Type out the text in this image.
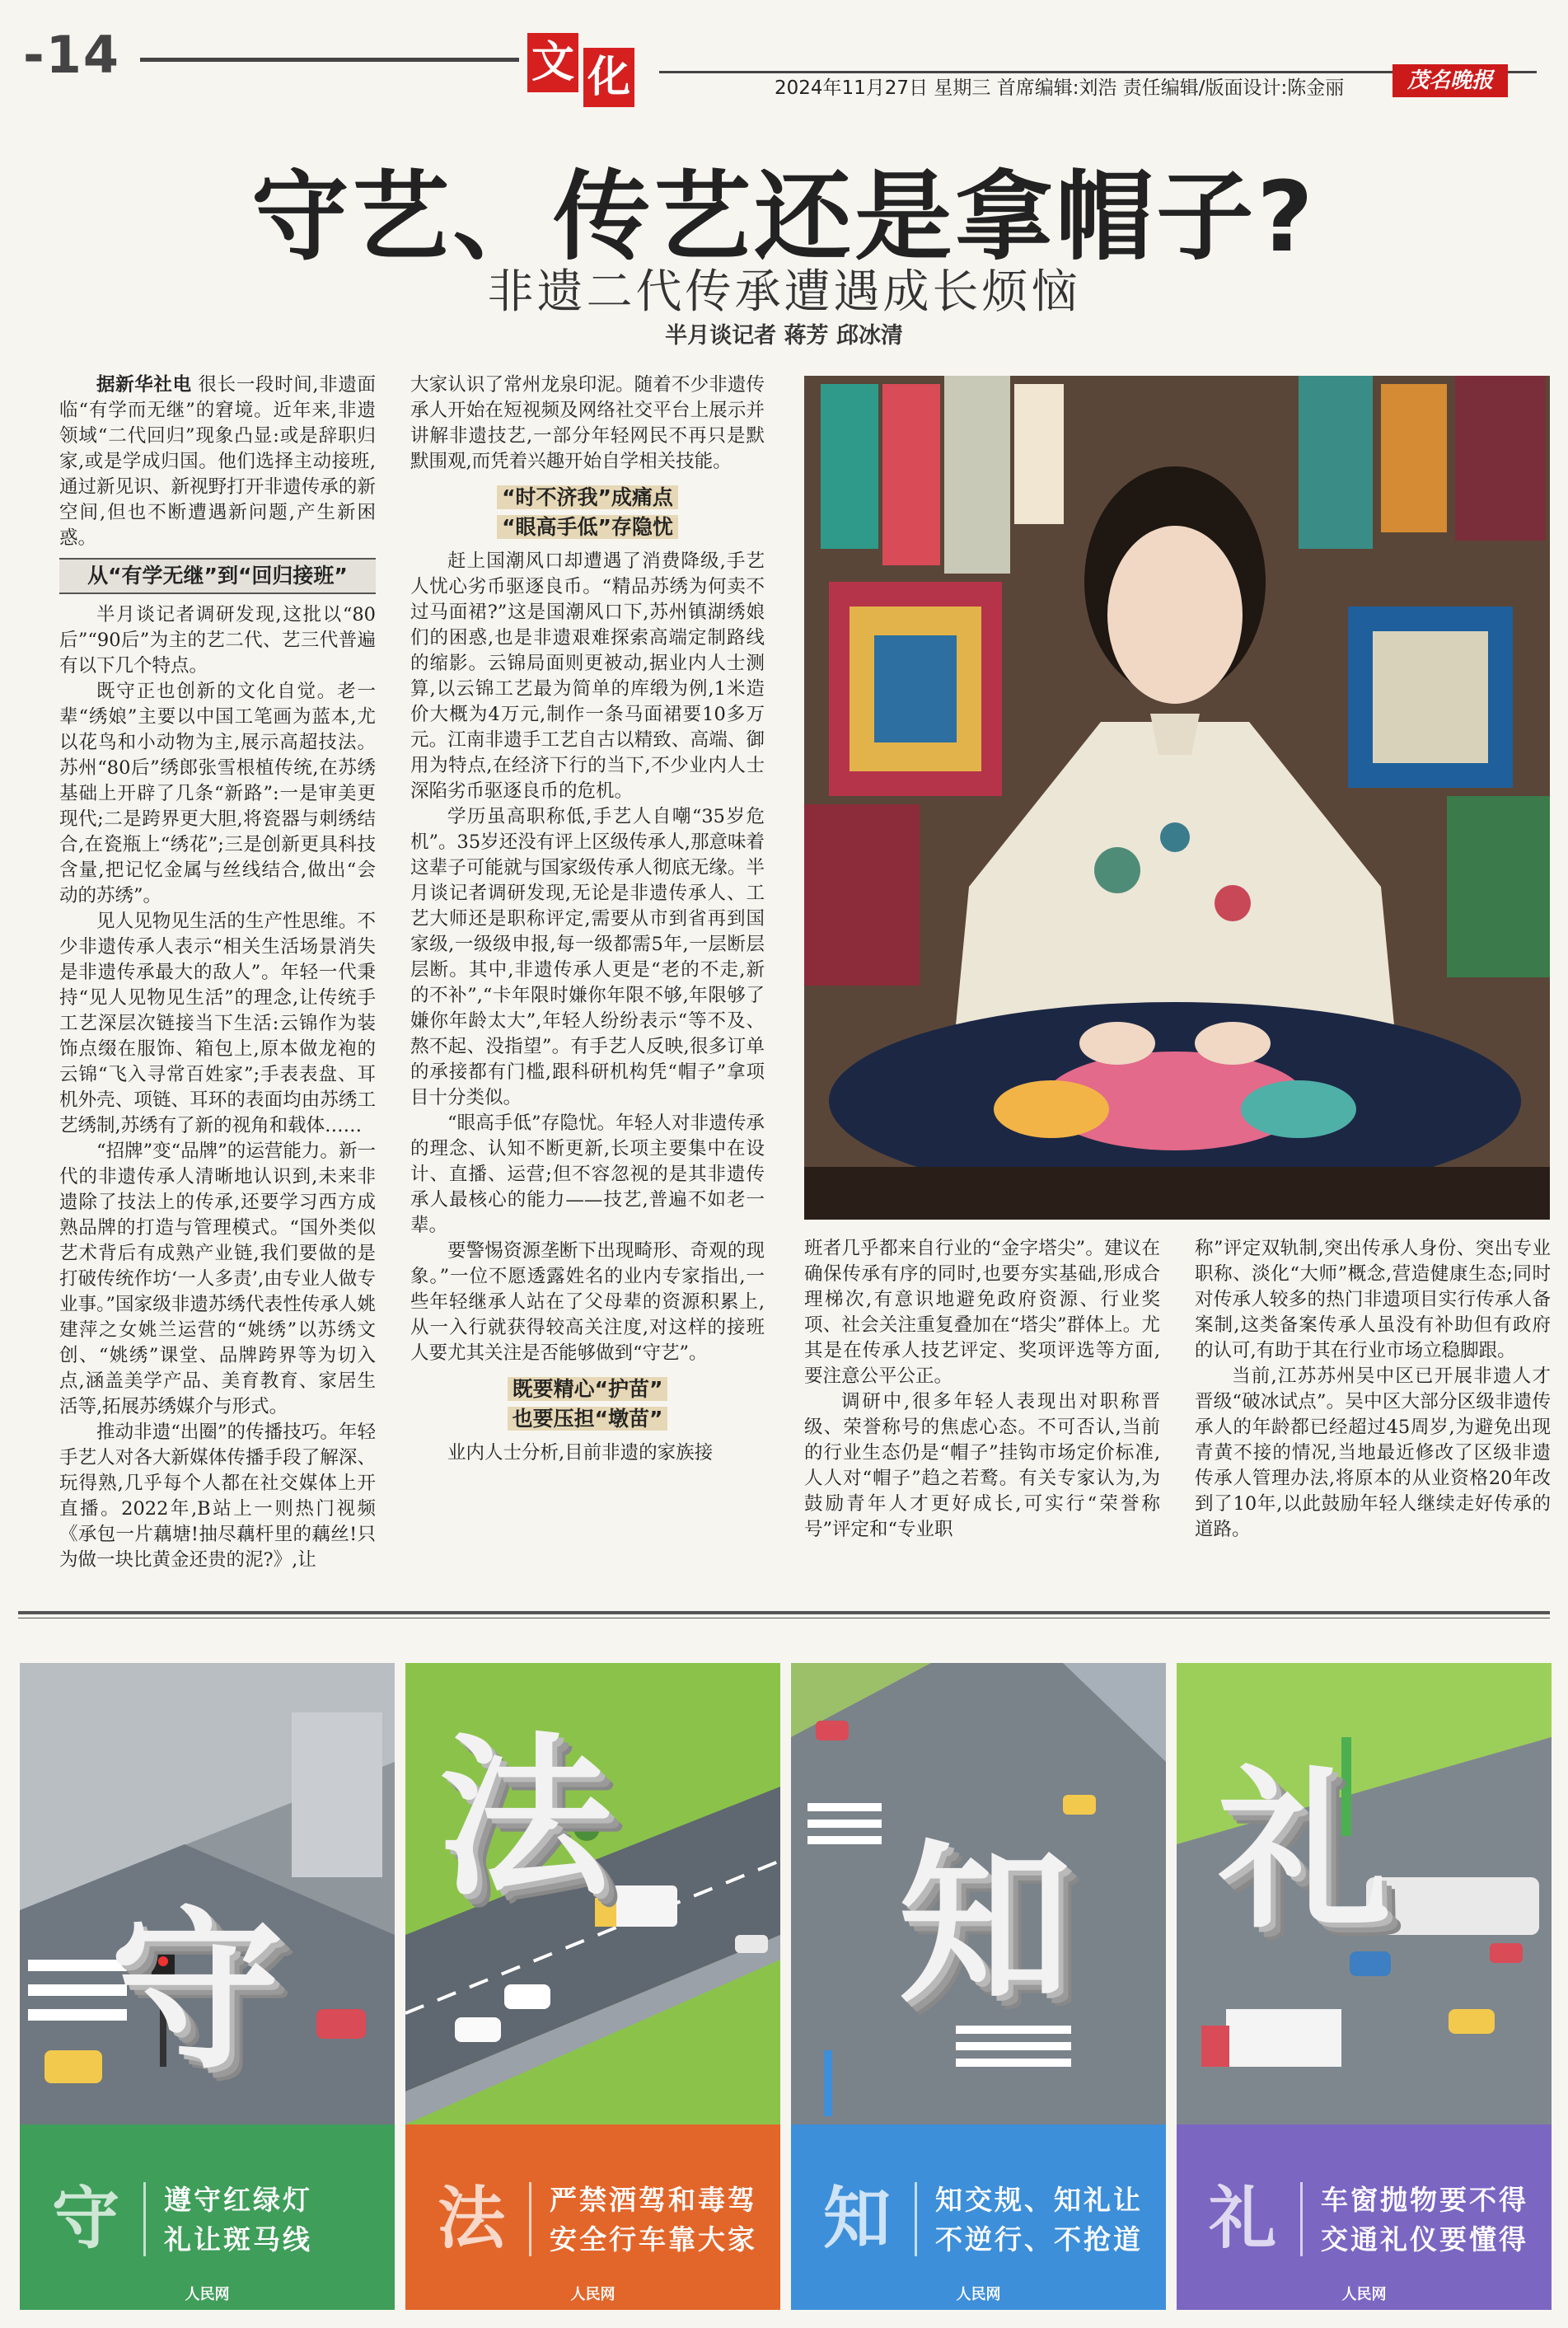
-14	文 化	2024年11月27日 星期三 首席编辑:刘浩 责任编辑/版面设计:陈金丽	茂名晚报
守艺、传艺还是拿帽子?
非遗二代传承遭遇成长烦恼
半月谈记者 蒋芳 邱冰清

据新华社电 很长一段时间,非遗面临“有学而无继”的窘境。近年来,非遗领域“二代回归”现象凸显:或是辞职归家,或是学成归国。他们选择主动接班,通过新见识、新视野打开非遗传承的新空间,但也不断遭遇新问题,产生新困惑。

从“有学无继”到“回归接班”

半月谈记者调研发现,这批以“80后”“90后”为主的艺二代、艺三代普遍有以下几个特点。

既守正也创新的文化自觉。老一辈“绣娘”主要以中国工笔画为蓝本,尤以花鸟和小动物为主,展示高超技法。苏州“80后”绣郎张雪根植传统,在苏绣基础上开辟了几条“新路”:一是审美更现代;二是跨界更大胆,将瓷器与刺绣结合,在瓷瓶上“绣花”;三是创新更具科技含量,把记忆金属与丝线结合,做出“会动的苏绣”。

见人见物见生活的生产性思维。不少非遗传承人表示“相关生活场景消失是非遗传承最大的敌人”。年轻一代秉持“见人见物见生活”的理念,让传统手工艺深层次链接当下生活:云锦作为装饰点缀在服饰、箱包上,原本做龙袍的云锦“飞入寻常百姓家”;手表表盘、耳机外壳、项链、耳环的表面均由苏绣工艺绣制,苏绣有了新的视角和载体……

“招牌”变“品牌”的运营能力。新一代的非遗传承人清晰地认识到,未来非遗除了技法上的传承,还要学习西方成熟品牌的打造与管理模式。“国外类似艺术背后有成熟产业链,我们要做的是打破传统作坊‘一人多责’,由专业人做专业事。”国家级非遗苏绣代表性传承人姚建萍之女姚兰运营的“姚绣”以苏绣文创、“姚绣”课堂、品牌跨界等为切入点,涵盖美学产品、美育教育、家居生活等,拓展苏绣媒介与形式。

推动非遗“出圈”的传播技巧。年轻手艺人对各大新媒体传播手段了解深、玩得熟,几乎每个人都在社交媒体上开直播。2022年,B站上一则热门视频《承包一片藕塘!抽尽藕杆里的藕丝!只为做一块比黄金还贵的泥?》,让

大家认识了常州龙泉印泥。随着不少非遗传承人开始在短视频及网络社交平台上展示并讲解非遗技艺,一部分年轻网民不再只是默默围观,而凭着兴趣开始自学相关技能。

“时不济我”成痛点
“眼高手低”存隐忧

赶上国潮风口却遭遇了消费降级,手艺人忧心劣币驱逐良币。“精品苏绣为何卖不过马面裙?”这是国潮风口下,苏州镇湖绣娘们的困惑,也是非遗艰难探索高端定制路线的缩影。云锦局面则更被动,据业内人士测算,以云锦工艺最为简单的库缎为例,1米造价大概为4万元,制作一条马面裙要10多万元。江南非遗手工艺自古以精致、高端、御用为特点,在经济下行的当下,不少业内人士深陷劣币驱逐良币的危机。

学历虽高职称低,手艺人自嘲“35岁危机”。35岁还没有评上区级传承人,那意味着这辈子可能就与国家级传承人彻底无缘。半月谈记者调研发现,无论是非遗传承人、工艺大师还是职称评定,需要从市到省再到国家级,一级级申报,每一级都需5年,一层断层层断。其中,非遗传承人更是“老的不走,新的不补”,“卡年限时嫌你年限不够,年限够了嫌你年龄太大”,年轻人纷纷表示“等不及、熬不起、没指望”。有手艺人反映,很多订单的承接都有门槛,跟科研机构凭“帽子”拿项目十分类似。

“眼高手低”存隐忧。年轻人对非遗传承的理念、认知不断更新,长项主要集中在设计、直播、运营;但不容忽视的是其非遗传承人最核心的能力——技艺,普遍不如老一辈。

要警惕资源垄断下出现畸形、奇观的现象。”一位不愿透露姓名的业内专家指出,一些年轻继承人站在了父母辈的资源积累上,从一入行就获得较高关注度,对这样的接班人要尤其关注是否能够做到“守艺”。

既要精心“护苗”
也要压担“墩苗”

业内人士分析,目前非遗的家族接

班者几乎都来自行业的“金字塔尖”。建议在确保传承有序的同时,也要夯实基础,形成合理梯次,有意识地避免政府资源、行业奖项、社会关注重复叠加在“塔尖”群体上。尤其是在传承人技艺评定、奖项评选等方面,要注意公平公正。

调研中,很多年轻人表现出对职称晋级、荣誉称号的焦虑心态。不可否认,当前的行业生态仍是“帽子”挂钩市场定价标准,人人对“帽子”趋之若鹜。有关专家认为,为鼓励青年人才更好成长,可实行“荣誉称号”评定和“专业职

称”评定双轨制,突出传承人身份、突出专业职称、淡化“大师”概念,营造健康生态;同时对传承人较多的热门非遗项目实行传承人备案制,这类备案传承人虽没有补助但有政府的认可,有助于其在行业市场立稳脚跟。

当前,江苏苏州吴中区已开展非遗人才晋级“破冰试点”。吴中区大部分区级非遗传承人的年龄都已经超过45周岁,为避免出现青黄不接的情况,当地最近修改了区级非遗传承人管理办法,将原本的从业资格20年改到了10年,以此鼓励年轻人继续走好传承的道路。

守
守 遵守红绿灯
礼让斑马线
人民网
法
法 严禁酒驾和毒驾
安全行车靠大家
人民网
知
知 知交规、知礼让
不逆行、不抢道
人民网
礼
礼 车窗抛物要不得
交通礼仪要懂得
人民网
